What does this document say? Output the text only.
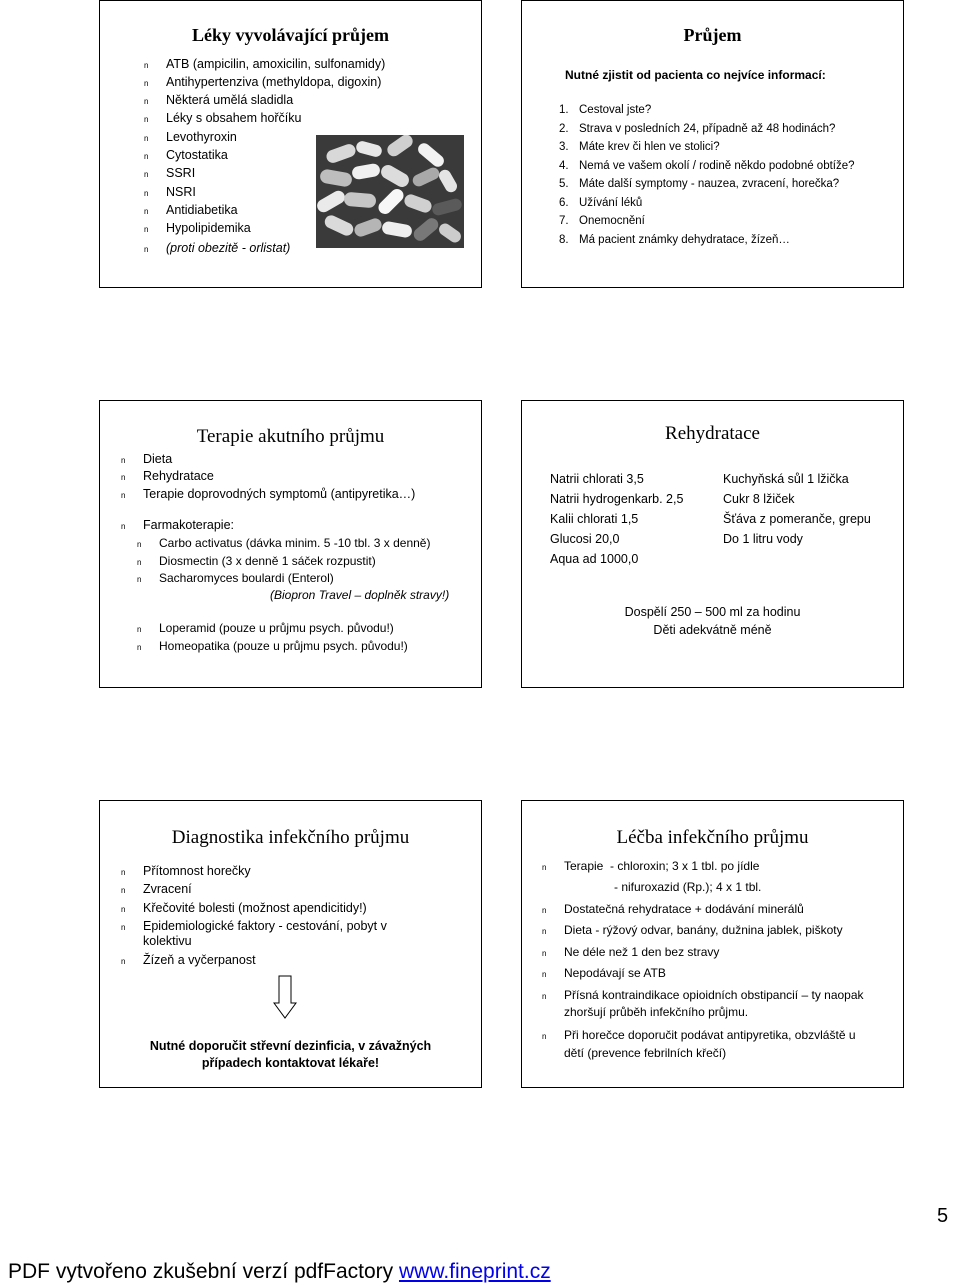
Léky vyvolávající průjem
n ATB (ampicilin, amoxicilin, sulfonamidy)
n Antihypertenziva (methyldopa, digoxin)
n Některá umělá sladidla
n Léky s obsahem hořčíku
n Levothyroxin
n Cytostatika
n SSRI
n NSRI
n Antidiabetika
n Hypolipidemika
n (proti obezitě - orlistat)
Průjem
Nutné zjistit od pacienta co nejvíce informací:
1. Cestoval jste?
2. Strava v posledních 24, případně až 48 hodinách?
3. Máte krev či hlen ve stolici?
4. Nemá ve vašem okolí / rodině někdo podobné obtíže?
5. Máte další symptomy - nauzea, zvracení, horečka?
6. Užívání léků
7. Onemocnění
8. Má pacient známky dehydratace, žízeň…
Terapie akutního průjmu
n Dieta
n Rehydratace
n Terapie doprovodných symptomů (antipyretika…)
n Farmakoterapie:
n Carbo activatus (dávka minim. 5 -10 tbl. 3 x denně)
n Diosmectin (3 x denně 1 sáček rozpustit)
n Sacharomyces boulardi (Enterol)
(Biopron Travel – doplněk stravy!)
n Loperamid (pouze u průjmu psych. původu!)
n Homeopatika (pouze u průjmu psych. původu!)
Rehydratace
Natrii chlorati 3,5
Natrii hydrogenkarb. 2,5
Kalii chlorati 1,5
Glucosi 20,0
Aqua ad 1000,0
Kuchyňská sůl 1 lžička
Cukr 8 lžiček
Šťáva z pomeranče, grepu
Do 1 litru vody
Dospělí 250 – 500 ml za hodinu
Děti adekvátně méně
Diagnostika infekčního průjmu
n Přítomnost horečky
n Zvracení
n Křečovité bolesti (možnost apendicitidy!)
n Epidemiologické faktory - cestování, pobyt v
kolektivu
n Žízeň a vyčerpanost
Nutné doporučit střevní dezinficia, v závažných
případech kontaktovat lékaře!
Léčba infekčního průjmu
n Terapie  - chloroxin; 3 x 1 tbl. po jídle
- nifuroxazid (Rp.); 4 x 1 tbl.
n Dostatečná rehydratace + dodávání minerálů
n Dieta - rýžový odvar, banány, dužnina jablek, piškoty
n Ne déle než 1 den bez stravy
n Nepodávají se ATB
n Přísná kontraindikace opioidních obstipancií – ty naopak
zhoršují průběh infekčního průjmu.
n Při horečce doporučit podávat antipyretika, obzvláště u
dětí (prevence febrilních křečí)
5
PDF vytvořeno zkušební verzí pdfFactory www.fineprint.cz
